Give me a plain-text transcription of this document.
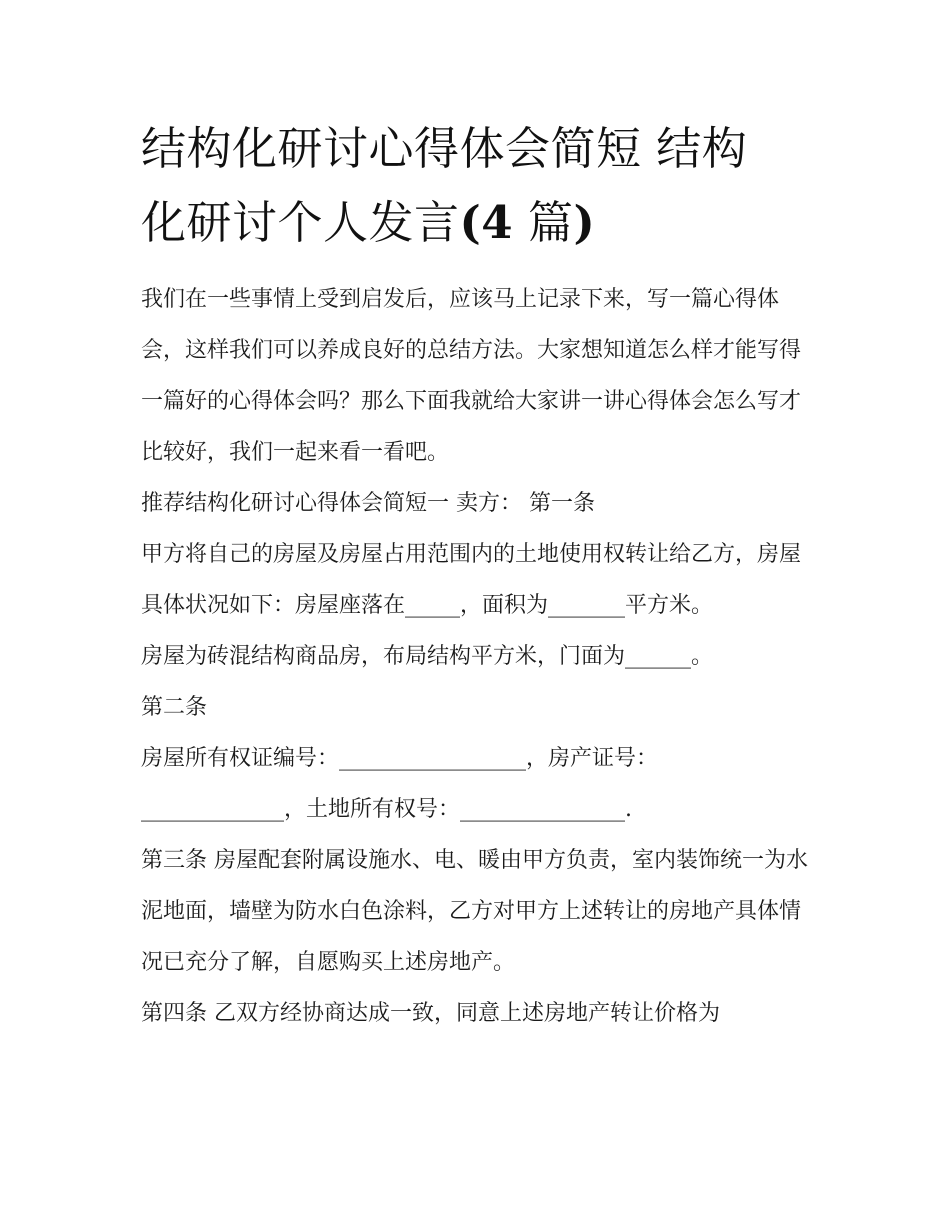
结构化研讨心得体会简短 结构
化研讨个人发言(4 篇)

我们在一些事情上受到启发后，应该马上记录下来，写一篇心得体会，这样我们可以养成良好的总结方法。大家想知道怎么样才能写得一篇好的心得体会吗？那么下面我就给大家讲一讲心得体会怎么写才比较好，我们一起来看一看吧。

推荐结构化研讨心得体会简短一 卖方： 第一条

甲方将自己的房屋及房屋占用范围内的土地使用权转让给乙方，房屋具体状况如下：房屋座落在_____，面积为_______平方米。

房屋为砖混结构商品房，布局结构平方米，门面为______。

第二条

房屋所有权证编号：_________________，房产证号：_____________，土地所有权号：_______________.

第三条 房屋配套附属设施水、电、暖由甲方负责，室内装饰统一为水泥地面，墙壁为防水白色涂料，乙方对甲方上述转让的房地产具体情况已充分了解，自愿购买上述房地产。

第四条 乙双方经协商达成一致，同意上述房地产转让价格为
